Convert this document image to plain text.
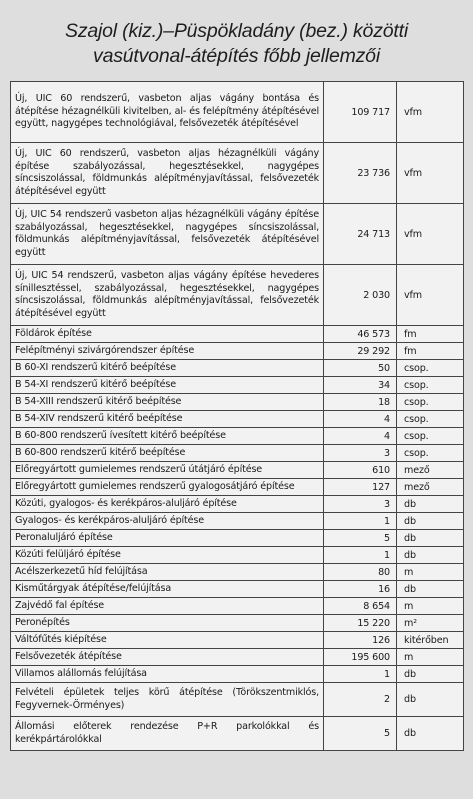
Szajol (kiz.)–Püspökladány (bez.) közötti
vasútvonal-átépítés főbb jellemzői
Új, UIC 60 rendszerű, vasbeton aljas vágány bontása és átépítése hézagnélküli kivitelben, al- és felépítmény átépítésével együtt, nagygépes technológiával, felsővezeték átépítésével	109 717	vfm
Új, UIC 60 rendszerű, vasbeton aljas hézagnélküli vágány építése szabályozással, hegesztésekkel, nagygépes síncsiszolással, földmunkás alépítményjavítással, felsővezeték átépítésével együtt	23 736	vfm
Új, UIC 54 rendszerű vasbeton aljas hézagnélküli vágány építése szabályozással, hegesztésekkel, nagygépes síncsiszolással, földmunkás alépítményjavítással, felsővezeték átépítésével együtt	24 713	vfm
Új, UIC 54 rendszerű, vasbeton aljas vágány építése hevederes sínillesztéssel, szabályozással, hegesztésekkel, nagygépes síncsiszolással, földmunkás alépítményjavítással, felsővezeték átépítésével együtt	2 030	vfm
Földárok építése	46 573	fm
Felépítményi szivárgórendszer építése	29 292	fm
B 60-XI rendszerű kitérő beépítése	50	csop.
B 54-XI rendszerű kitérő beépítése	34	csop.
B 54-XIII rendszerű kitérő beépítése	18	csop.
B 54-XIV rendszerű kitérő beépítése	4	csop.
B 60-800 rendszerű ívesített kitérő beépítése	4	csop.
B 60-800 rendszerű kitérő beépítése	3	csop.
Előregyártott gumielemes rendszerű útátjáró építése	610	mező
Előregyártott gumielemes rendszerű gyalogosátjáró építése	127	mező
Közúti, gyalogos- és kerékpáros-aluljáró építése	3	db
Gyalogos- és kerékpáros-aluljáró építése	1	db
Peronaluljáró építése	5	db
Közúti felüljáró építése	1	db
Acélszerkezetű híd felújítása	80	m
Kisműtárgyak átépítése/felújítása	16	db
Zajvédő fal építése	8 654	m
Peronépítés	15 220	m²
Váltófűtés kiépítése	126	kitérőben
Felsővezeték átépítése	195 600	m
Villamos alállomás felújítása	1	db
Felvételi épületek teljes körű átépítése (Törökszentmiklós, Fegyvernek-Örményes)	2	db
Állomási előterek rendezése P+R parkolókkal és kerékpártárolókkal	5	db
